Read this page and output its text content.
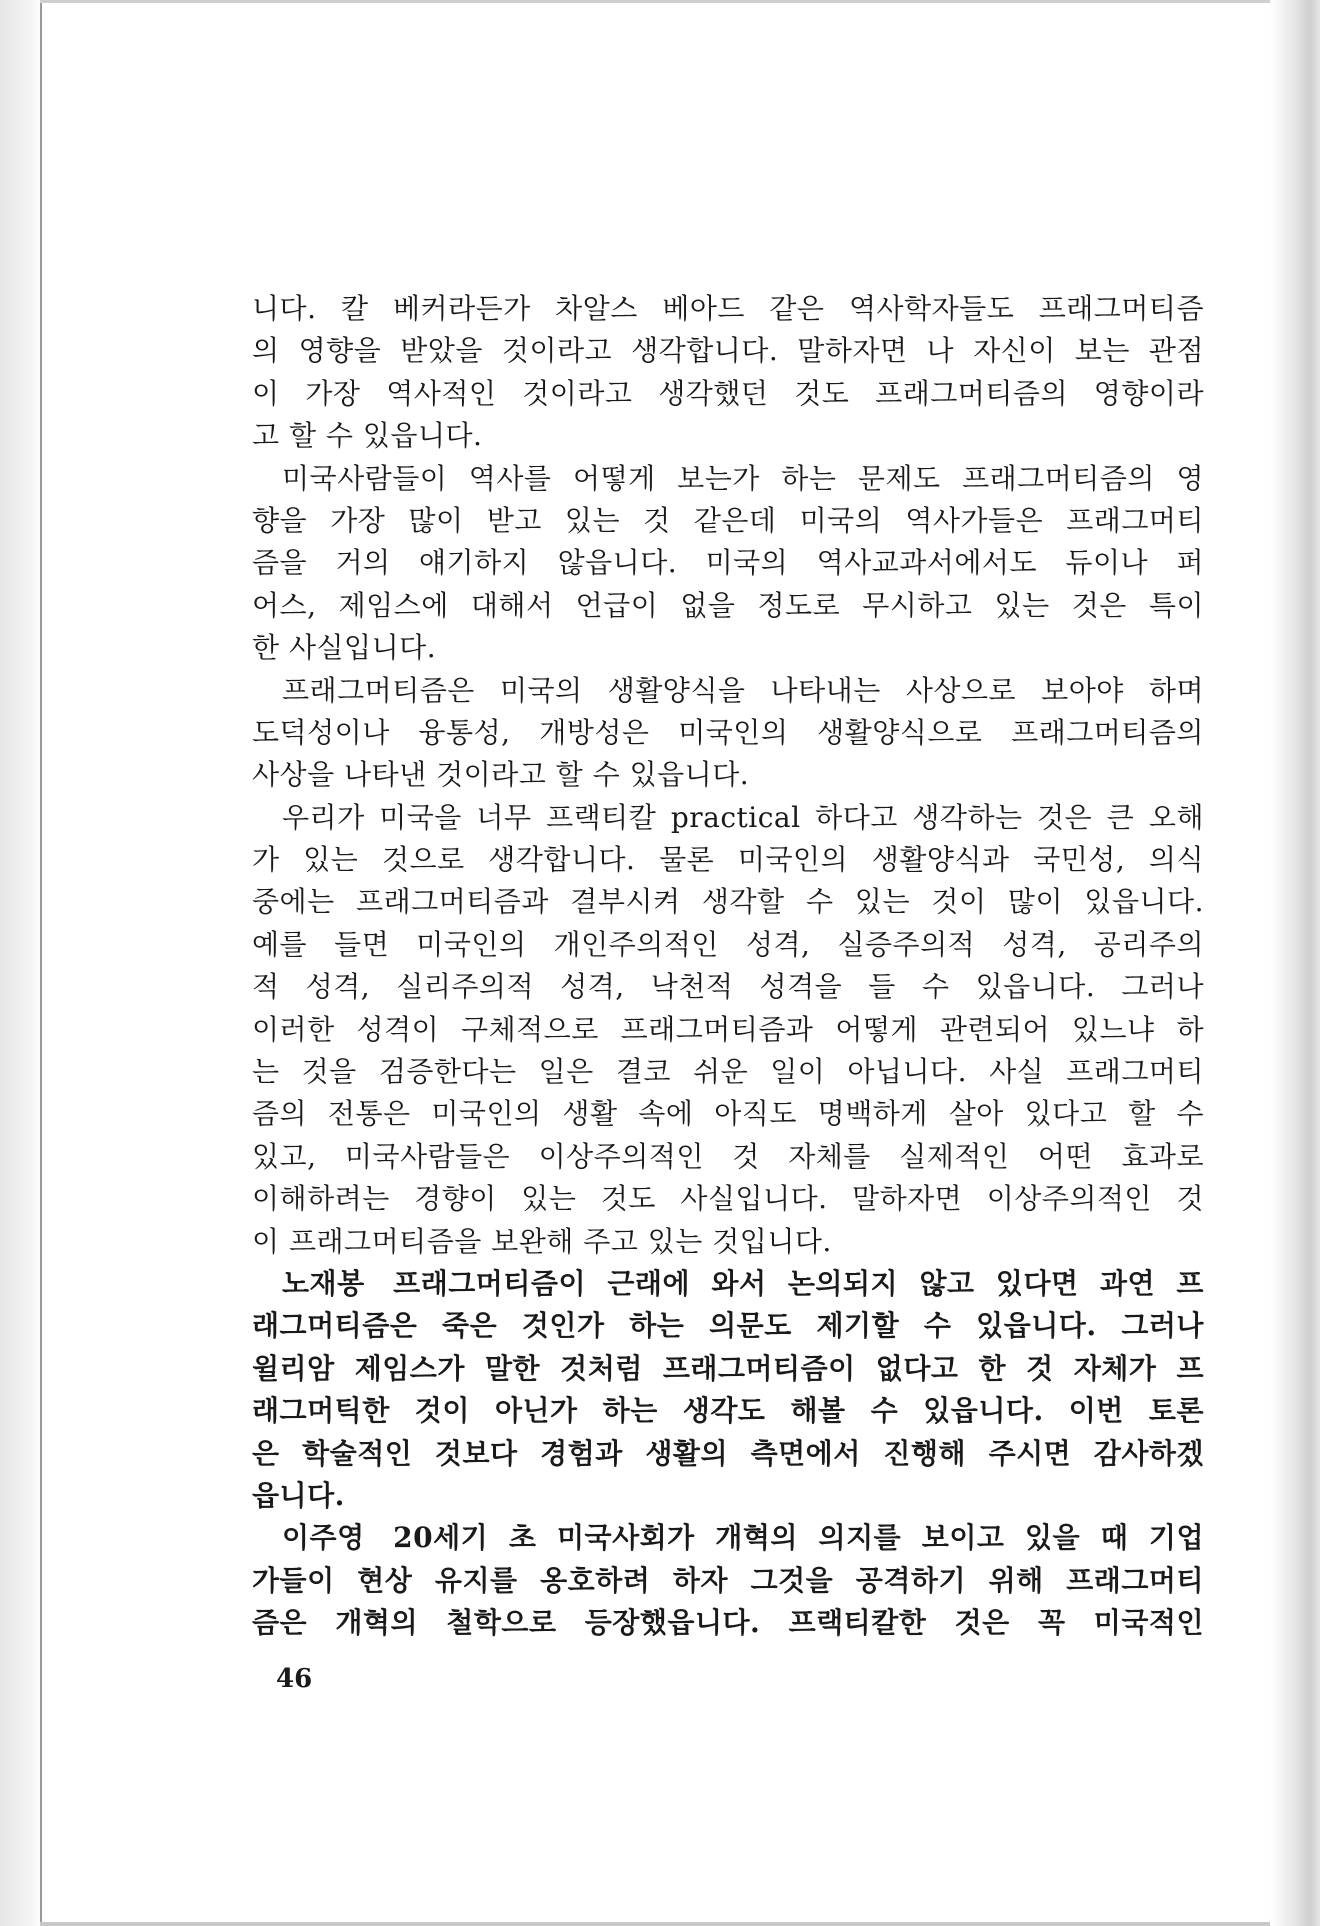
니다. 칼 베커라든가 차알스 베아드 같은 역사학자들도 프래그머티즘
의 영향을 받았을 것이라고 생각합니다. 말하자면 나 자신이 보는 관점
이 가장 역사적인 것이라고 생각했던 것도 프래그머티즘의 영향이라
고 할 수 있읍니다.
미국사람들이 역사를 어떻게 보는가 하는 문제도 프래그머티즘의 영
향을 가장 많이 받고 있는 것 같은데 미국의 역사가들은 프래그머티
즘을 거의 얘기하지 않읍니다. 미국의 역사교과서에서도 듀이나 퍼
어스, 제임스에 대해서 언급이 없을 정도로 무시하고 있는 것은 특이
한 사실입니다.
프래그머티즘은 미국의 생활양식을 나타내는 사상으로 보아야 하며
도덕성이나 융통성, 개방성은 미국인의 생활양식으로 프래그머티즘의
사상을 나타낸 것이라고 할 수 있읍니다.
우리가 미국을 너무 프랙티칼 practical 하다고 생각하는 것은 큰 오해
가 있는 것으로 생각합니다. 물론 미국인의 생활양식과 국민성, 의식
중에는 프래그머티즘과 결부시켜 생각할 수 있는 것이 많이 있읍니다.
예를 들면 미국인의 개인주의적인 성격, 실증주의적 성격, 공리주의
적 성격, 실리주의적 성격, 낙천적 성격을 들 수 있읍니다. 그러나
이러한 성격이 구체적으로 프래그머티즘과 어떻게 관련되어 있느냐 하
는 것을 검증한다는 일은 결코 쉬운 일이 아닙니다. 사실 프래그머티
즘의 전통은 미국인의 생활 속에 아직도 명백하게 살아 있다고 할 수
있고, 미국사람들은 이상주의적인 것 자체를 실제적인 어떤 효과로
이해하려는 경향이 있는 것도 사실입니다. 말하자면 이상주의적인 것
이 프래그머티즘을 보완해 주고 있는 것입니다.
노재봉  프래그머티즘이 근래에 와서 논의되지 않고 있다면 과연 프
래그머티즘은 죽은 것인가 하는 의문도 제기할 수 있읍니다. 그러나
윌리암 제임스가 말한 것처럼 프래그머티즘이 없다고 한 것 자체가 프
래그머틱한 것이 아닌가 하는 생각도 해볼 수 있읍니다. 이번 토론
은 학술적인 것보다 경험과 생활의 측면에서 진행해 주시면 감사하겠
읍니다.
이주영  20세기 초 미국사회가 개혁의 의지를 보이고 있을 때 기업
가들이 현상 유지를 옹호하려 하자 그것을 공격하기 위해 프래그머티
즘은 개혁의 철학으로 등장했읍니다. 프랙티칼한 것은 꼭 미국적인
46
